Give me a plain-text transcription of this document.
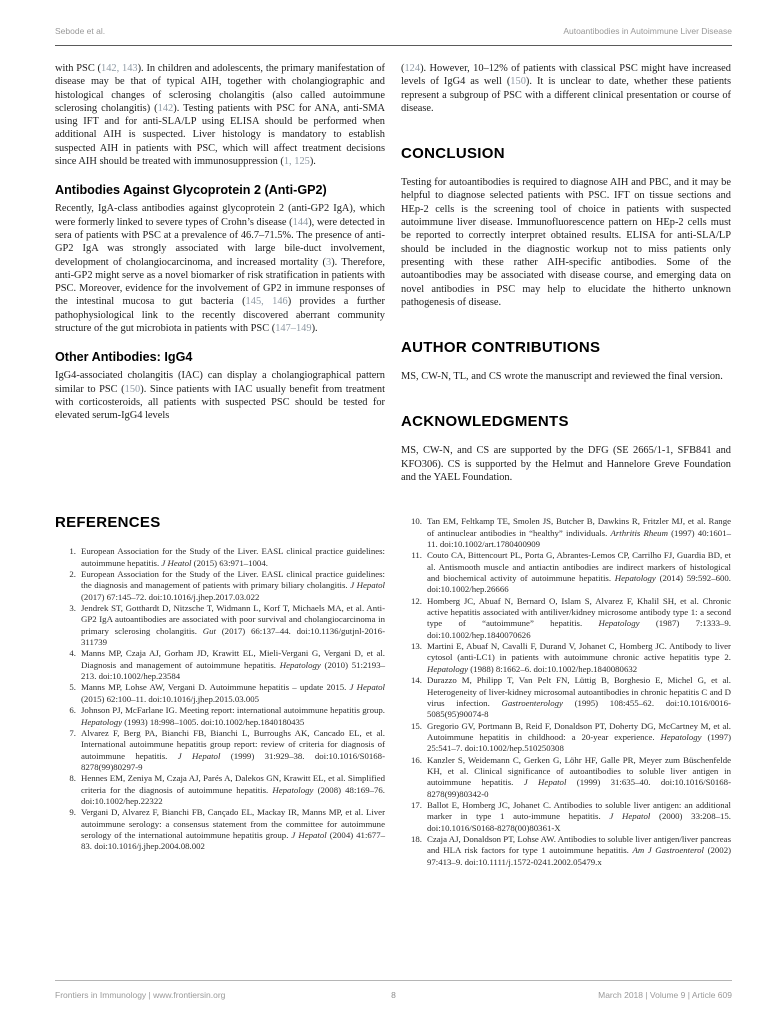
Sebode et al.	Autoantibodies in Autoimmune Liver Disease

with PSC (142, 143). In children and adolescents, the primary manifestation of disease may be that of typical AIH, together with cholangiographic and histological changes of sclerosing cholangitis (also called autoimmune sclerosing cholangitis) (142). Testing patients with PSC for ANA, anti-SMA using IFT and for anti-SLA/LP using ELISA should be performed when additional AIH is suspected. Liver histology is mandatory to establish suspected AIH in patients with PSC, which will affect treatment decisions since AIH should be treated with immunosuppression (1, 125).

Antibodies Against Glycoprotein 2 (Anti-GP2)

Recently, IgA-class antibodies against glycoprotein 2 (anti-GP2 IgA), which were formerly linked to severe types of Crohn’s disease (144), were detected in sera of patients with PSC at a prevalence of 46.7–71.5%. The presence of anti-GP2 IgA was strongly associated with large bile-duct involvement, development of cholangiocarcinoma, and increased mortality (3). Therefore, anti-GP2 might serve as a novel biomarker of risk stratification in patients with PSC. Moreover, evidence for the involvement of GP2 in immune responses of the intestinal mucosa to gut bacteria (145, 146) provides a further pathophysiological link to the recently discovered aberrant community structure of the gut microbiota in patients with PSC (147–149).

Other Antibodies: IgG4

IgG4-associated cholangitis (IAC) can display a cholangiographical pattern similar to PSC (150). Since patients with IAC usually benefit from treatment with corticosteroids, all patients with suspected PSC should be tested for elevated serum-IgG4 levels

(124). However, 10–12% of patients with classical PSC might have increased levels of IgG4 as well (150). It is unclear to date, whether these patients represent a subgroup of PSC with a different clinical presentation or course of disease.

CONCLUSION

Testing for autoantibodies is required to diagnose AIH and PBC, and it may be helpful to diagnose selected patients with PSC. IFT on tissue sections and HEp-2 cells is the screening tool of choice in patients with suspected autoimmune liver disease. Immunofluorescence pattern on HEp-2 cells must be reported to correctly interpret obtained results. ELISA for anti-SLA/LP should be included in the diagnostic workup not to miss patients only presenting with these rather AIH-specific antibodies. Some of the autoantibodies may be associated with disease course, and emerging data on novel antibodies in PSC may help to elucidate the hitherto unknown pathogenesis of disease.

AUTHOR CONTRIBUTIONS

MS, CW-N, TL, and CS wrote the manuscript and reviewed the final version.

ACKNOWLEDGMENTS

MS, CW-N, and CS are supported by the DFG (SE 2665/1-1, SFB841 and KFO306). CS is supported by the Helmut and Hannelore Greve Foundation and the YAEL Foundation.

REFERENCES
1. European Association for the Study of the Liver. EASL clinical practice guidelines: autoimmune hepatitis. J Heatol (2015) 63:971–1004.
2. European Association for the Study of the Liver. EASL clinical practice guidelines: the diagnosis and management of patients with primary biliary cholangitis. J Hepatol (2017) 67:145–72. doi:10.1016/j.jhep.2017.03.022
3. Jendrek ST, Gotthardt D, Nitzsche T, Widmann L, Korf T, Michaels MA, et al. Anti-GP2 IgA autoantibodies are associated with poor survival and cholangiocarcinoma in primary sclerosing cholangitis. Gut (2017) 66:137–44. doi:10.1136/gutjnl-2016-311739
4. Manns MP, Czaja AJ, Gorham JD, Krawitt EL, Mieli-Vergani G, Vergani D, et al. Diagnosis and management of autoimmune hepatitis. Hepatology (2010) 51:2193–213. doi:10.1002/hep.23584
5. Manns MP, Lohse AW, Vergani D. Autoimmune hepatitis – update 2015. J Hepatol (2015) 62:100–11. doi:10.1016/j.jhep.2015.03.005
6. Johnson PJ, McFarlane IG. Meeting report: international autoimmune hepatitis group. Hepatology (1993) 18:998–1005. doi:10.1002/hep.1840180435
7. Alvarez F, Berg PA, Bianchi FB, Bianchi L, Burroughs AK, Cancado EL, et al. International autoimmune hepatitis group report: review of criteria for diagnosis of autoimmune hepatitis. J Hepatol (1999) 31:929–38. doi:10.1016/S0168-8278(99)80297-9
8. Hennes EM, Zeniya M, Czaja AJ, Parés A, Dalekos GN, Krawitt EL, et al. Simplified criteria for the diagnosis of autoimmune hepatitis. Hepatology (2008) 48:169–76. doi:10.1002/hep.22322
9. Vergani D, Alvarez F, Bianchi FB, Cançado EL, Mackay IR, Manns MP, et al. Liver autoimmune serology: a consensus statement from the committee for autoimmune serology of the international autoimmune hepatitis group. J Hepatol (2004) 41:677–83. doi:10.1016/j.jhep.2004.08.002
10. Tan EM, Feltkamp TE, Smolen JS, Butcher B, Dawkins R, Fritzler MJ, et al. Range of antinuclear antibodies in “healthy” individuals. Arthritis Rheum (1997) 40:1601–11. doi:10.1002/art.1780400909
11. Couto CA, Bittencourt PL, Porta G, Abrantes-Lemos CP, Carrilho FJ, Guardia BD, et al. Antismooth muscle and antiactin antibodies are indirect markers of histological and biochemical activity of autoimmune hepatitis. Hepatology (2014) 59:592–600. doi:10.1002/hep.26666
12. Homberg JC, Abuaf N, Bernard O, Islam S, Alvarez F, Khalil SH, et al. Chronic active hepatitis associated with antiliver/kidney microsome antibody type 1: a second type of “autoimmune” hepatitis. Hepatology (1987) 7:1333–9. doi:10.1002/hep.1840070626
13. Martini E, Abuaf N, Cavalli F, Durand V, Johanet C, Homberg JC. Antibody to liver cytosol (anti-LC1) in patients with autoimmune chronic active hepatitis type 2. Hepatology (1988) 8:1662–6. doi:10.1002/hep.1840080632
14. Durazzo M, Philipp T, Van Pelt FN, Lüttig B, Borghesio E, Michel G, et al. Heterogeneity of liver-kidney microsomal autoantibodies in chronic hepatitis C and D virus infection. Gastroenterology (1995) 108:455–62. doi:10.1016/0016-5085(95)90074-8
15. Gregorio GV, Portmann B, Reid F, Donaldson PT, Doherty DG, McCartney M, et al. Autoimmune hepatitis in childhood: a 20-year experience. Hepatology (1997) 25:541–7. doi:10.1002/hep.510250308
16. Kanzler S, Weidemann C, Gerken G, Löhr HF, Galle PR, Meyer zum Büschenfelde KH, et al. Clinical significance of autoantibodies to soluble liver antigen in autoimmune hepatitis. J Hepatol (1999) 31:635–40. doi:10.1016/S0168-8278(99)80342-0
17. Ballot E, Homberg JC, Johanet C. Antibodies to soluble liver antigen: an additional marker in type 1 auto-immune hepatitis. J Hepatol (2000) 33:208–15. doi:10.1016/S0168-8278(00)80361-X
18. Czaja AJ, Donaldson PT, Lohse AW. Antibodies to soluble liver antigen/liver pancreas and HLA risk factors for type 1 autoimmune hepatitis. Am J Gastroenterol (2002) 97:413–9. doi:10.1111/j.1572-0241.2002.05479.x
Frontiers in Immunology | www.frontiersin.org	8	March 2018 | Volume 9 | Article 609
